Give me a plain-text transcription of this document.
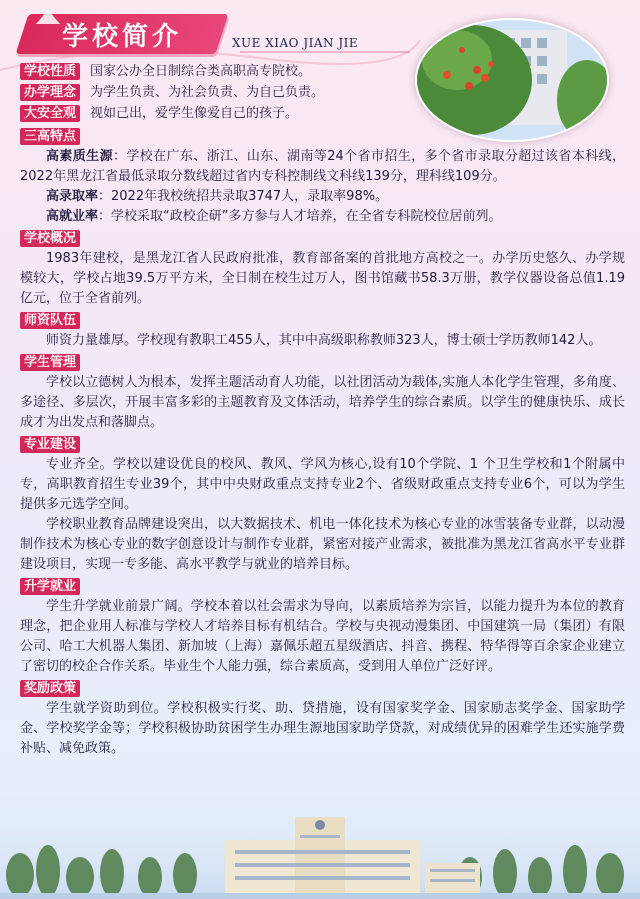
学校简介	XUE XIAO JIAN JIE
学校性质	国家公办全日制综合类高职高专院校。
办学理念	为学生负责、为社会负责、为自己负责。
大安全观	视如己出，爱学生像爱自己的孩子。
三高特点

高素质生源：学校在广东、浙江、山东、湖南等24个省市招生，多个省市录取分超过该省本科线，2022年黑龙江省最低录取分数线超过省内专科控制线文科线139分，理科线109分。

高录取率：2022年我校统招共录取3747人，录取率98%。

高就业率：学校采取“政校企研”多方参与人才培养，在全省专科院校位居前列。

学校概况

1983年建校，是黑龙江省人民政府批准，教育部备案的首批地方高校之一。办学历史悠久、办学规模较大，学校占地39.5万平方米，全日制在校生过万人，图书馆藏书58.3万册，教学仪器设备总值1.19亿元，位于全省前列。

师资队伍

师资力量雄厚。学校现有教职工455人，其中中高级职称教师323人，博士硕士学历教师142人。

学生管理

学校以立德树人为根本，发挥主题活动育人功能，以社团活动为载体,实施人本化学生管理，多角度、多途径、多层次，开展丰富多彩的主题教育及文体活动，培养学生的综合素质。以学生的健康快乐、成长成才为出发点和落脚点。

专业建设

专业齐全。学校以建设优良的校风、教风、学风为核心,设有10个学院、1 个卫生学校和1个附属中专，高职教育招生专业39个，其中中央财政重点支持专业2个、省级财政重点支持专业6个，可以为学生提供多元选学空间。

学校职业教育品牌建设突出，以大数据技术、机电一体化技术为核心专业的冰雪装备专业群，以动漫制作技术为核心专业的数字创意设计与制作专业群，紧密对接产业需求，被批准为黑龙江省高水平专业群建设项目，实现一专多能、高水平教学与就业的培养目标。

升学就业

学生升学就业前景广阔。学校本着以社会需求为导向，以素质培养为宗旨，以能力提升为本位的教育理念，把企业用人标准与学校人才培养目标有机结合。学校与央视动漫集团、中国建筑一局（集团）有限公司、哈工大机器人集团、新加坡（上海）嘉佩乐超五星级酒店、抖音、携程、特华得等百余家企业建立了密切的校企合作关系。毕业生个人能力强，综合素质高，受到用人单位广泛好评。

奖励政策

学生就学资助到位。学校积极实行奖、助、贷措施，设有国家奖学金、国家励志奖学金、国家助学金、学校奖学金等；学校积极协助贫困学生办理生源地国家助学贷款，对成绩优异的困难学生还实施学费补贴、减免政策。
